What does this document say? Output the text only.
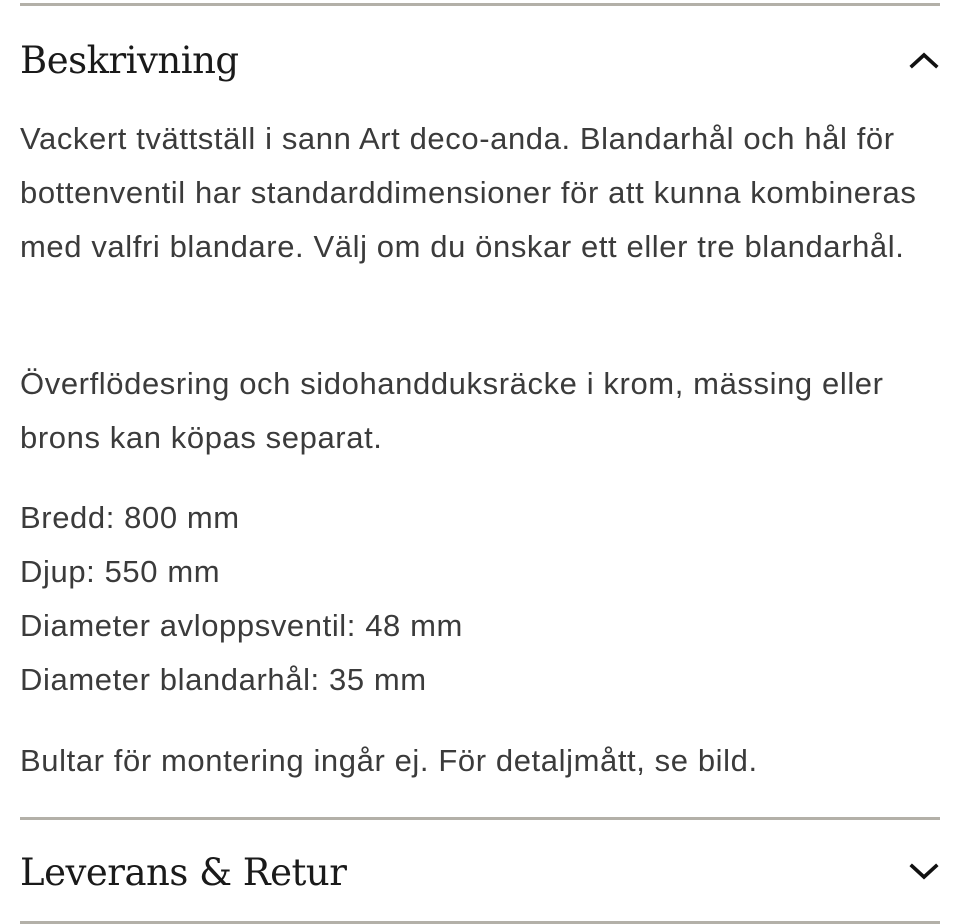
Beskrivning

Vackert tvättställ i sann Art deco-anda. Blandarhål och hål för bottenventil har standarddimensioner för att kunna kombineras med valfri blandare. Välj om du önskar ett eller tre blandarhål.

Överflödesring och sidohandduksräcke i krom, mässing eller brons kan köpas separat.

Bredd: 800 mm

Djup: 550 mm

Diameter avloppsventil: 48 mm

Diameter blandarhål: 35 mm

Bultar för montering ingår ej. För detaljmått, se bild.

Leverans & Retur
